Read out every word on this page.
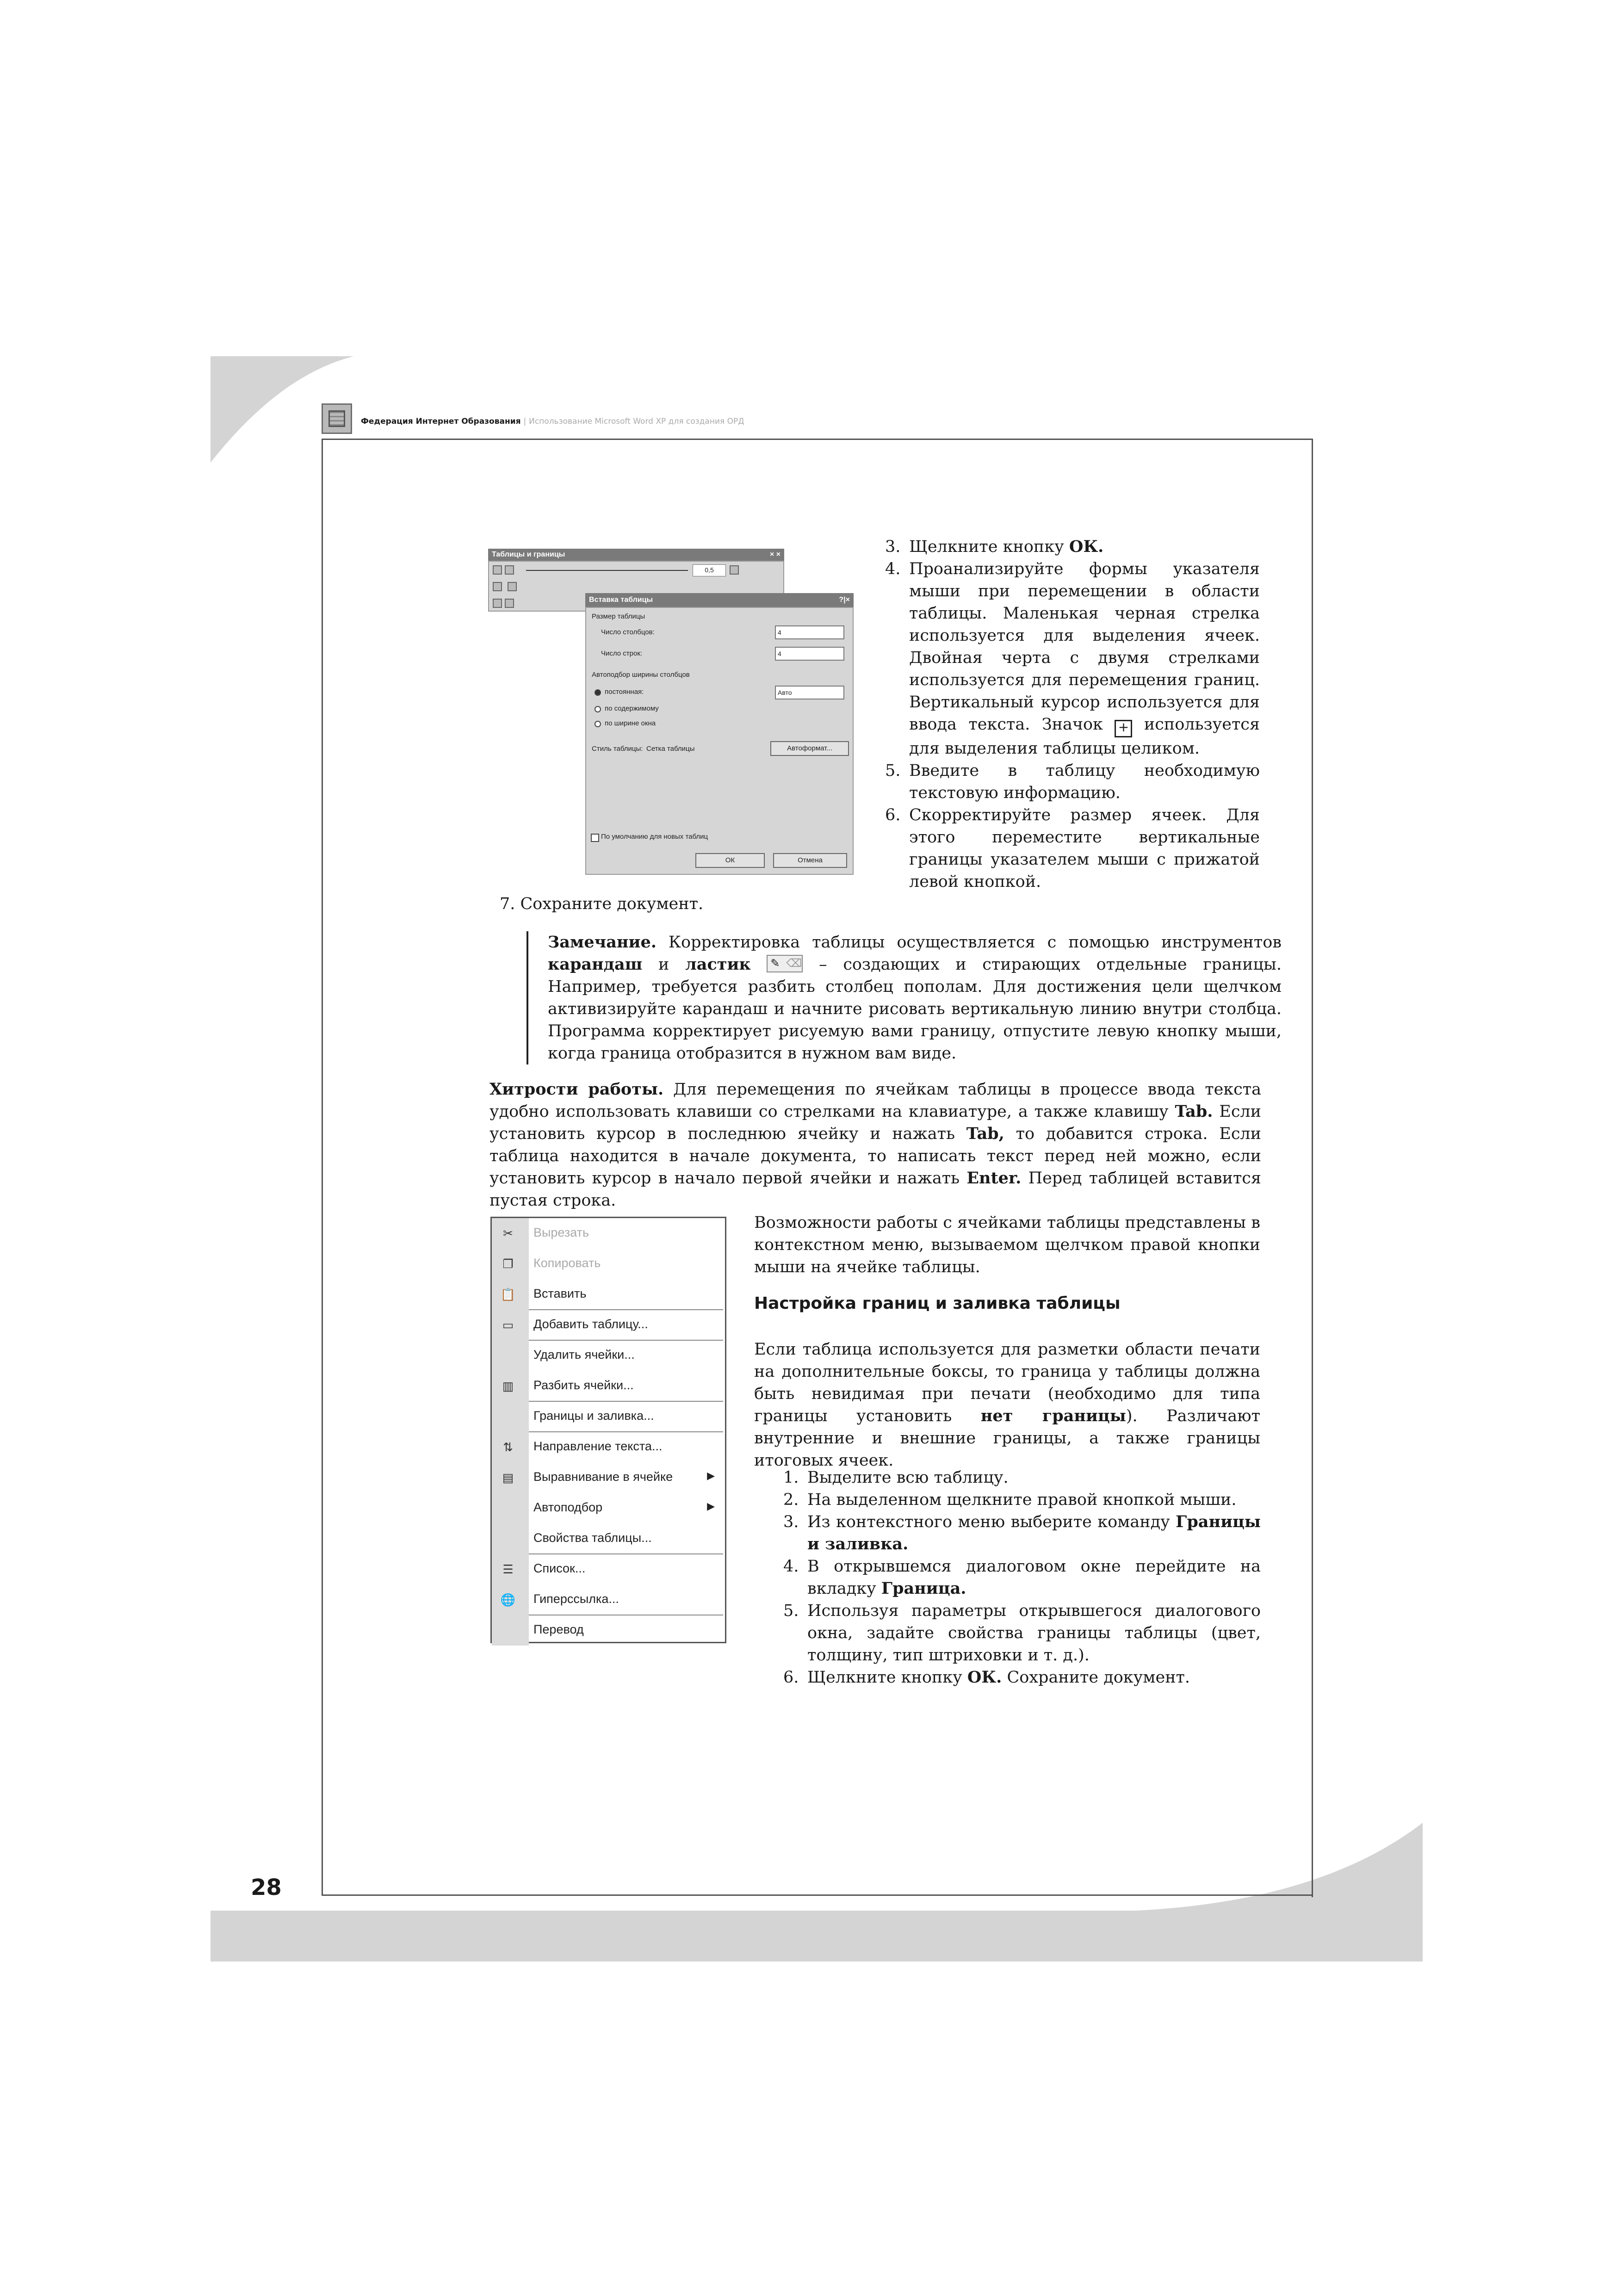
Федерация Интернет Образования | Использование Microsoft Word XP для создания ОРД
Таблицы и границы	× ×
0,5
Вставка таблицы	?|×
Размер таблицы
Число столбцов:	4
Число строк:	4
Автоподбор ширины столбцов
постоянная:	Авто
по содержимому
по ширине окна
Стиль таблицы: Сетка таблицы	Автоформат...
По умолчанию для новых таблиц
ОК	Отмена
3. Щелкните кнопку ОК.
4. Проанализируйте формы указателя мыши при перемещении в области таблицы. Маленькая черная стрелка используется для выделения ячеек. Двойная черта с двумя стрелками используется для перемещения границ. Вертикальный курсор используется для ввода текста. Значок + используется для выделения таблицы целиком.
5. Введите в таблицу необходимую текстовую информацию.
6. Скорректируйте размер ячеек. Для этого переместите вертикальные границы указателем мыши с прижатой левой кнопкой.
7. Сохраните документ.
Замечание. Корректировка таблицы осуществляется с помощью инструментов карандаш и ластик ✎ ⌫ – создающих и стирающих отдельные границы. Например, требуется разбить столбец пополам. Для достижения цели щелчком активизируйте карандаш и начните рисовать вертикальную линию внутри столбца. Программа корректирует рисуемую вами границу, отпустите левую кнопку мыши, когда граница отобразится в нужном вам виде.
Хитрости работы. Для перемещения по ячейкам таблицы в процессе ввода текста удобно использовать клавиши со стрелками на клавиатуре, а также клавишу Tab. Если установить курсор в последнюю ячейку и нажать Tab, то добавится строка. Если таблица находится в начале документа, то написать текст перед ней можно, если установить курсор в начало первой ячейки и нажать Enter. Перед таблицей вставится пустая строка.
✂ Вырезать
❐ Копировать
📋 Вставить
▭ Добавить таблицу...
Удалить ячейки...
▥ Разбить ячейки...
Границы и заливка...
⇅ Направление текста...
▤ Выравнивание в ячейке	▶
Автоподбор	▶
Свойства таблицы...
☰ Список...
🌐 Гиперссылка...
Перевод
Возможности работы с ячейками таблицы представлены в контекстном меню, вызываемом щелчком правой кнопки мыши на ячейке таблицы.
Настройка границ и заливка таблицы
Если таблица используется для разметки области печати на дополнительные боксы, то граница у таблицы должна быть невидимая при печати (необходимо для типа границы установить нет границы). Различают внутренние и внешние границы, а также границы итоговых ячеек.
1. Выделите всю таблицу.
2. На выделенном щелкните правой кнопкой мыши.
3. Из контекстного меню выберите команду Границы и заливка.
4. В открывшемся диалоговом окне перейдите на вкладку Граница.
5. Используя параметры открывшегося диалогового окна, задайте свойства границы таблицы (цвет, толщину, тип штриховки и т. д.).
6. Щелкните кнопку ОК. Сохраните документ.
28
